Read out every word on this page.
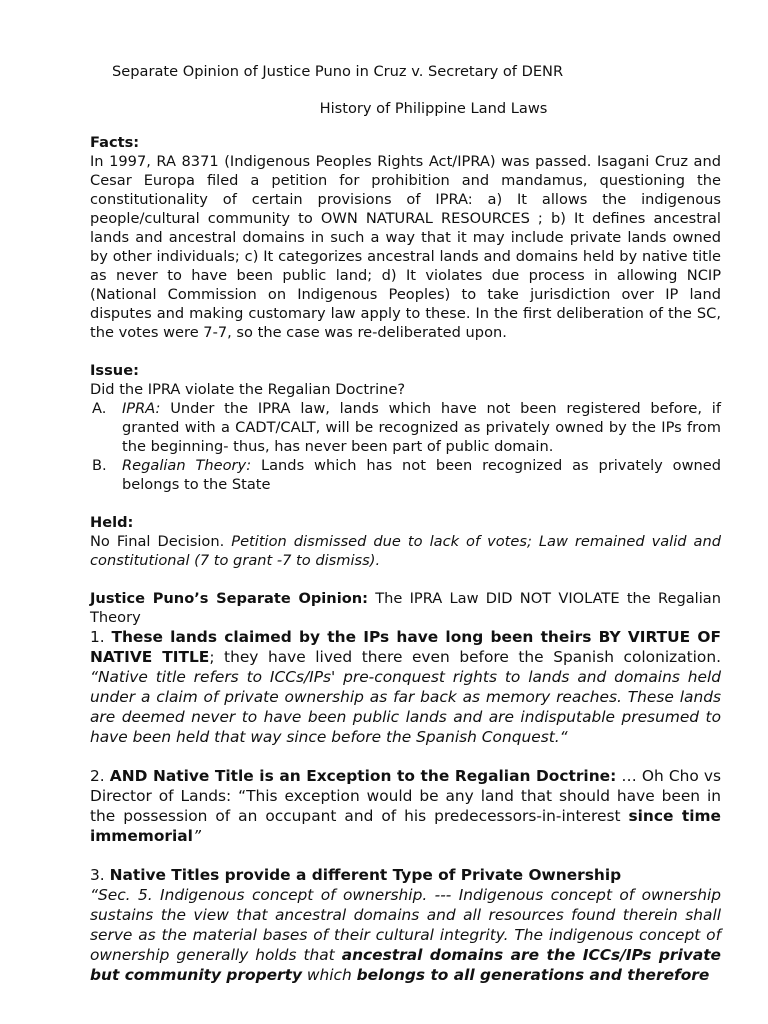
Separate Opinion of Justice Puno in Cruz v. Secretary of DENR
History of Philippine Land Laws
Facts:

In 1997, RA 8371 (Indigenous Peoples Rights Act/IPRA) was passed. Isagani Cruz and Cesar Europa filed a petition for prohibition and mandamus, questioning the constitutionality of certain provisions of IPRA: a) It allows the indigenous people/cultural community to OWN NATURAL RESOURCES ; b) It defines ancestral lands and ancestral domains in such a way that it may include private lands owned by other individuals; c) It categorizes ancestral lands and domains held by native title as never to have been public land; d) It violates due process in allowing NCIP (National Commission on Indigenous Peoples) to take jurisdiction over IP land disputes and making customary law apply to these. In the first deliberation of the SC, the votes were 7-7, so the case was re-deliberated upon.

Issue:

Did the IPRA violate the Regalian Doctrine?

A.	IPRA: Under the IPRA law, lands which have not been registered before, if granted with a CADT/CALT, will be recognized as privately owned by the IPs from the beginning- thus, has never been part of public domain.
B.	Regalian Theory: Lands which has not been recognized as privately owned belongs to the State
Held:

No Final Decision. Petition dismissed due to lack of votes; Law remained valid and constitutional (7 to grant -7 to dismiss).

Justice Puno’s Separate Opinion: The IPRA Law DID NOT VIOLATE the Regalian Theory

1. These lands claimed by the IPs have long been theirs BY VIRTUE OF NATIVE TITLE; they have lived there even before the Spanish colonization. “Native title refers to ICCs/IPs' pre-conquest rights to lands and domains held under a claim of private ownership as far back as memory reaches. These lands are deemed never to have been public lands and are indisputable presumed to have been held that way since before the Spanish Conquest.“

2. AND Native Title is an Exception to the Regalian Doctrine: … Oh Cho vs Director of Lands: “This exception would be any land that should have been in the possession of an occupant and of his predecessors-in-interest since time immemorial”

3. Native Titles provide a different Type of Private Ownership

“Sec. 5. Indigenous concept of ownership. --- Indigenous concept of ownership sustains the view that ancestral domains and all resources found therein shall serve as the material bases of their cultural integrity. The indigenous concept of ownership generally holds that ancestral domains are the ICCs/IPs private but community property which belongs to all generations and therefore
